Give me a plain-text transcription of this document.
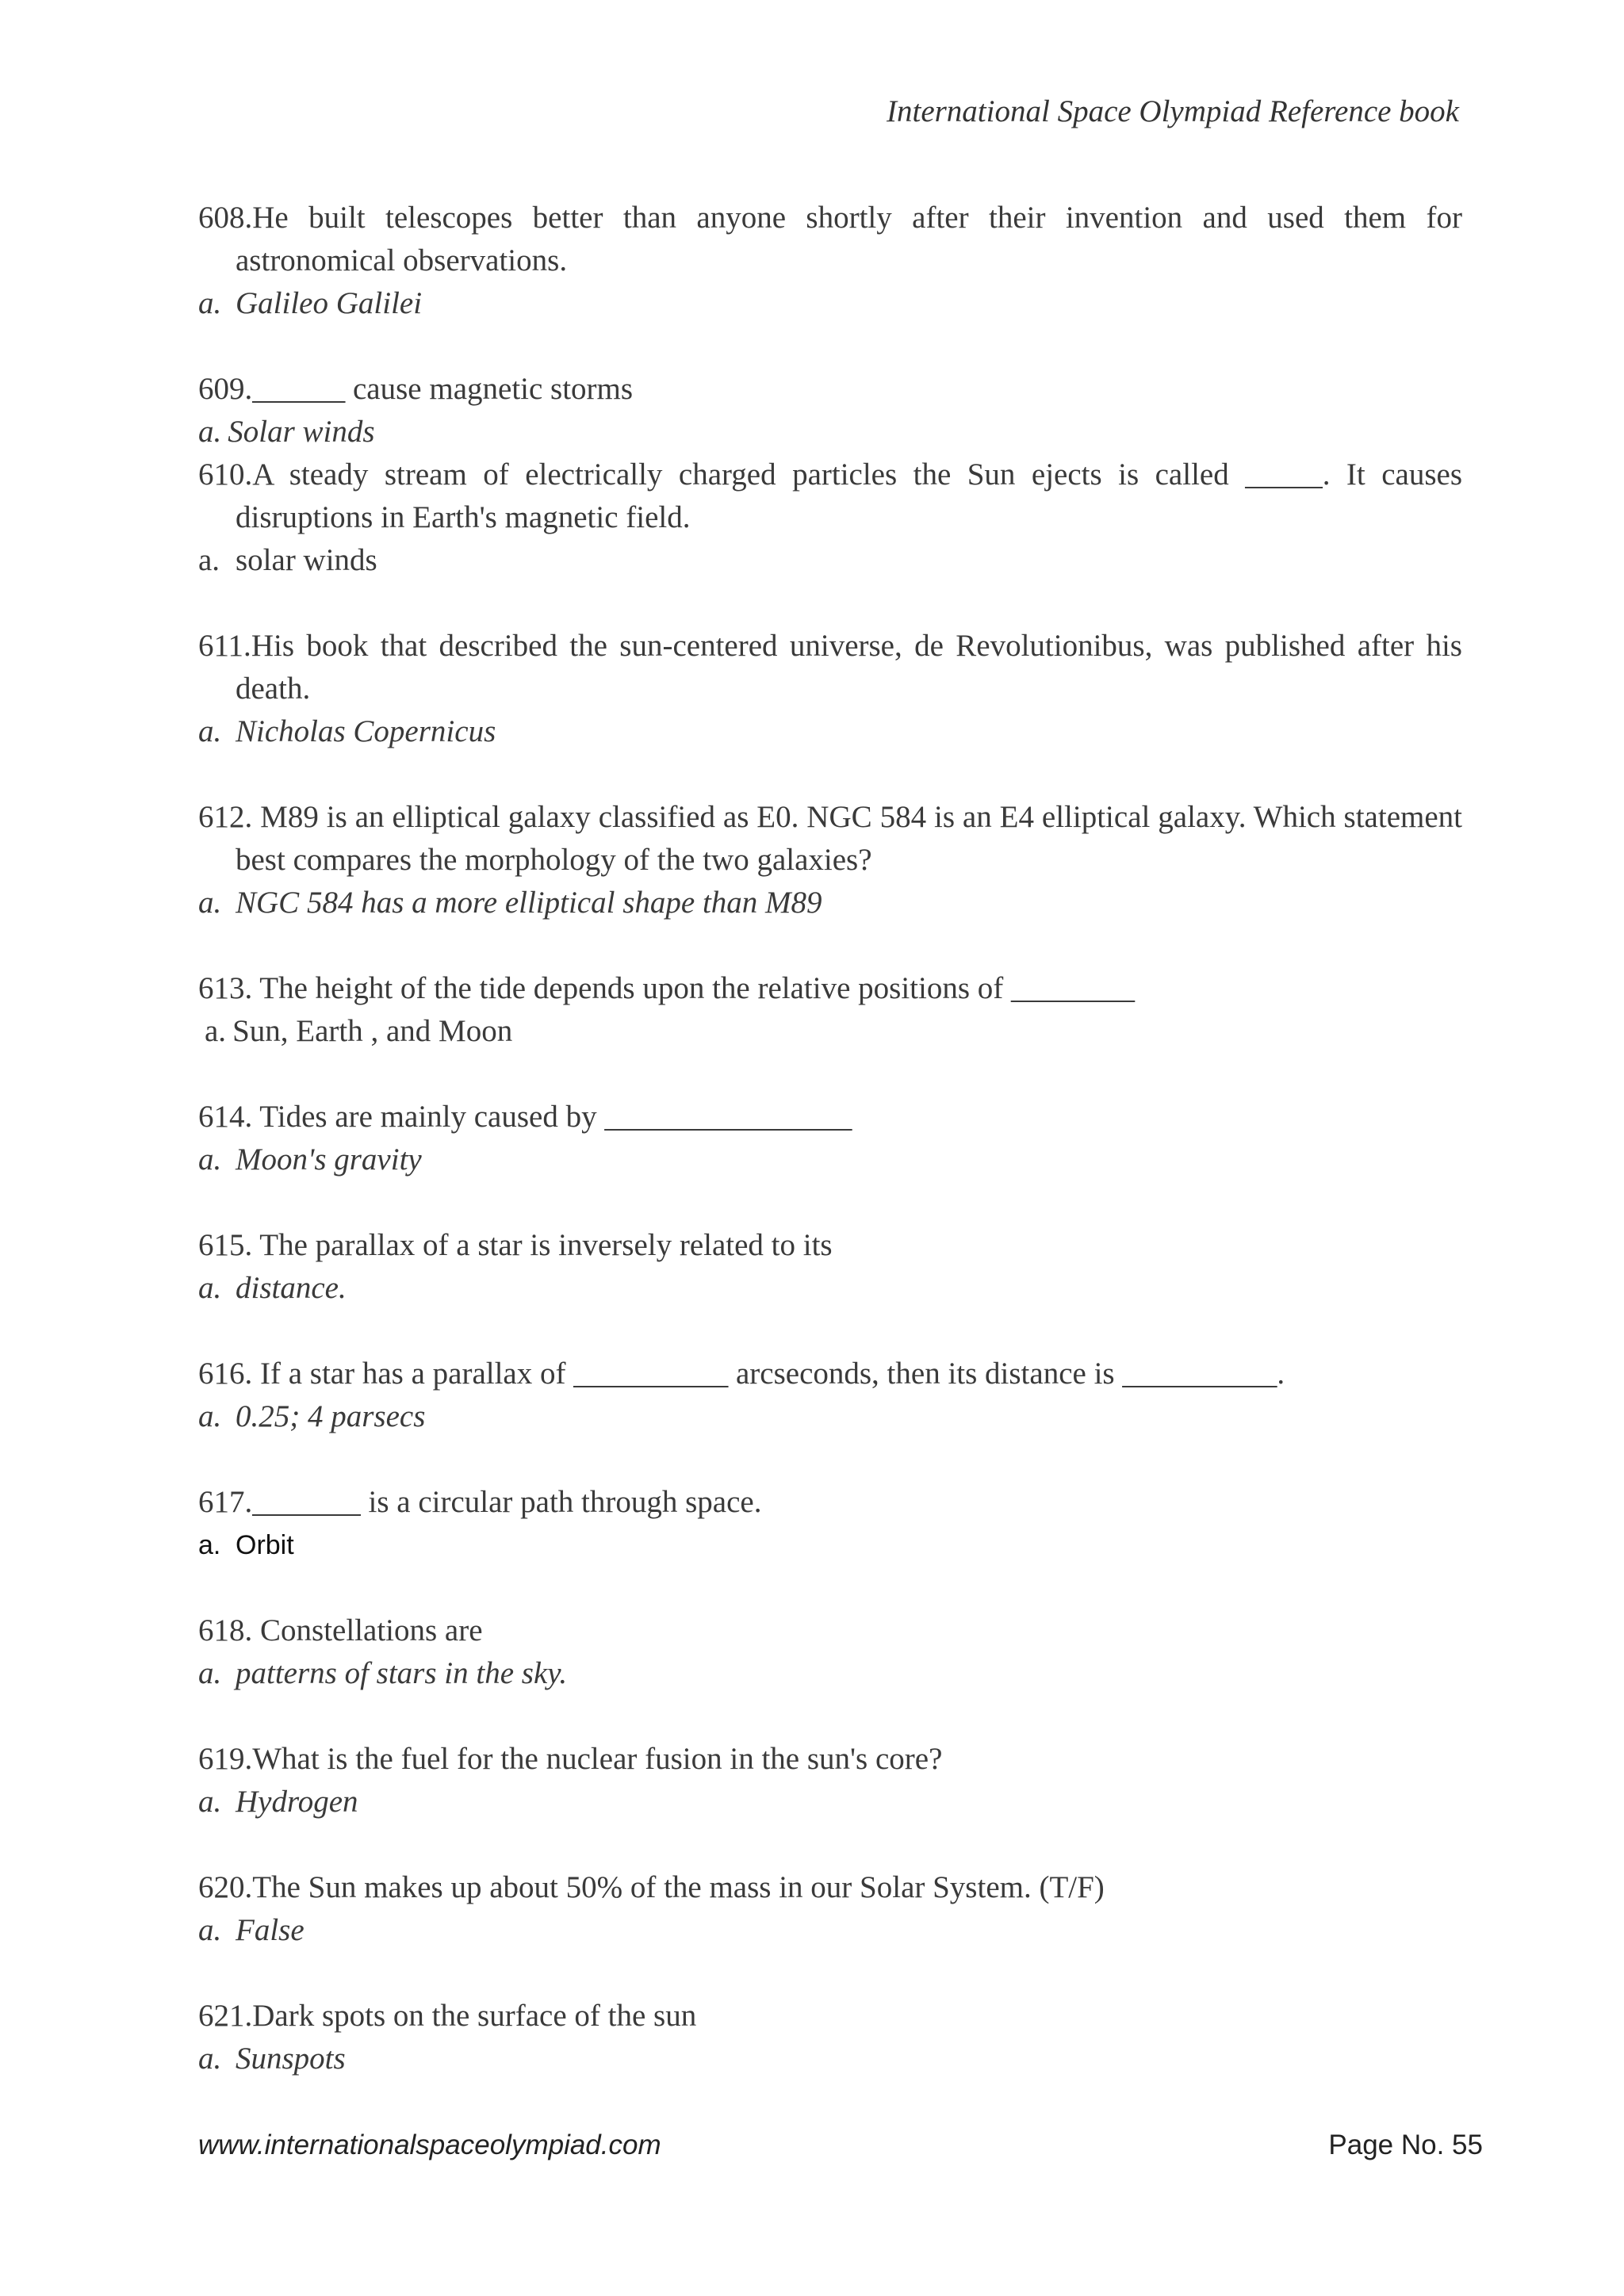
International Space Olympiad Reference book

608.He built telescopes better than anyone shortly after their invention and used them for astronomical observations.

a. Galileo Galilei

609.______ cause magnetic storms

a. Solar winds

610.A steady stream of electrically charged particles the Sun ejects is called _____. It causes disruptions in Earth's magnetic field.

a. solar winds

611.His book that described the sun-centered universe, de Revolutionibus, was published after his death.

a. Nicholas Copernicus

612. M89 is an elliptical galaxy classified as E0. NGC 584 is an E4 elliptical galaxy. Which statement best compares the morphology of the two galaxies?

a. NGC 584 has a more elliptical shape than M89

613. The height of the tide depends upon the relative positions of ________

a. Sun, Earth , and Moon

614. Tides are mainly caused by ________________

a. Moon's gravity

615. The parallax of a star is inversely related to its

a. distance.

616. If a star has a parallax of __________ arcseconds, then its distance is __________.

a. 0.25; 4 parsecs

617._______ is a circular path through space.

a. Orbit

618. Constellations are

a. patterns of stars in the sky.

619.What is the fuel for the nuclear fusion in the sun's core?

a. Hydrogen

620.The Sun makes up about 50% of the mass in our Solar System. (T/F)

a. False

621.Dark spots on the surface of the sun

a. Sunspots

www.internationalspaceolympiad.com	Page No. 55
